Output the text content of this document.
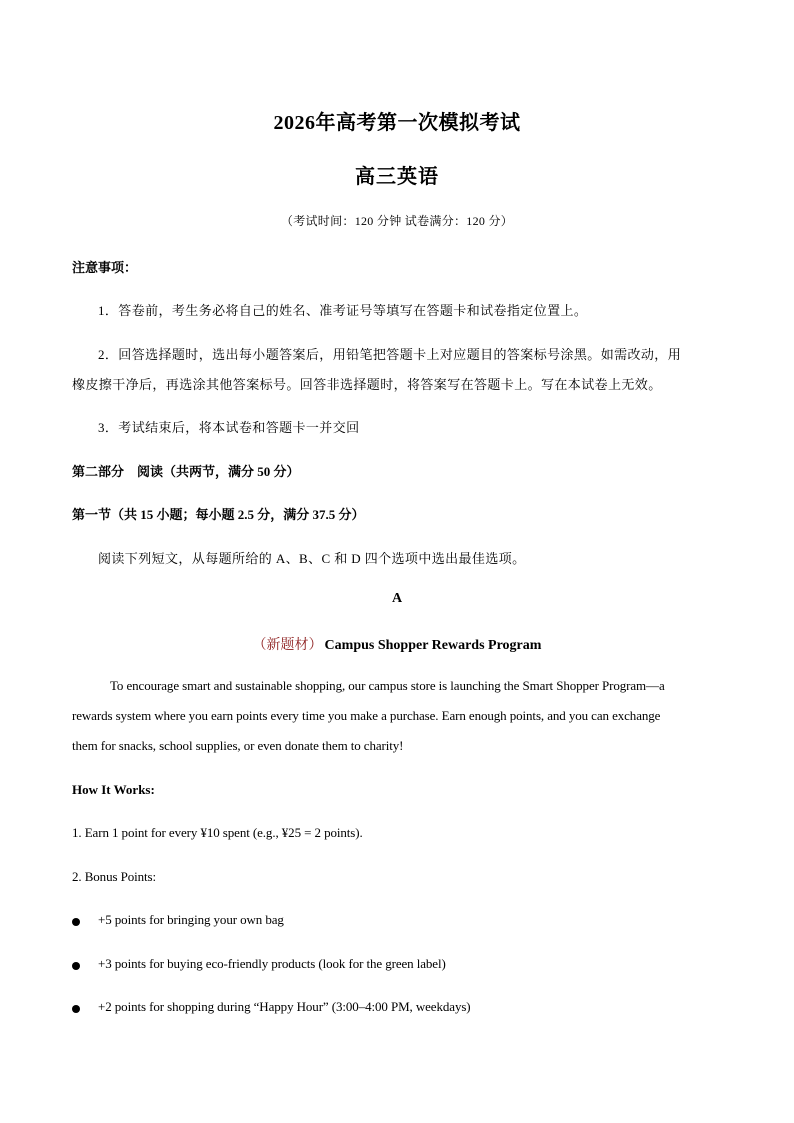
2026年高考第一次模拟考试
高三英语

（考试时间：120 分钟 试卷满分：120 分）

注意事项：

1．答卷前，考生务必将自己的姓名、准考证号等填写在答题卡和试卷指定位置上。

2．回答选择题时，选出每小题答案后，用铅笔把答题卡上对应题目的答案标号涂黑。如需改动，用

橡皮擦干净后，再选涂其他答案标号。回答非选择题时，将答案写在答题卡上。写在本试卷上无效。

3．考试结束后，将本试卷和答题卡一并交回

第二部分　阅读（共两节，满分 50 分）

第一节（共 15 小题；每小题 2.5 分，满分 37.5 分）

阅读下列短文，从每题所给的 A、B、C 和 D 四个选项中选出最佳选项。

A

（新题材） Campus Shopper Rewards Program

To encourage smart and sustainable shopping, our campus store is launching the Smart Shopper Program—a

rewards system where you earn points every time you make a purchase. Earn enough points, and you can exchange

them for snacks, school supplies, or even donate them to charity!

How It Works:

1. Earn 1 point for every ¥10 spent (e.g., ¥25 = 2 points).

2. Bonus Points:

+5 points for bringing your own bag

+3 points for buying eco-friendly products (look for the green label)

+2 points for shopping during “Happy Hour” (3:00–4:00 PM, weekdays)
